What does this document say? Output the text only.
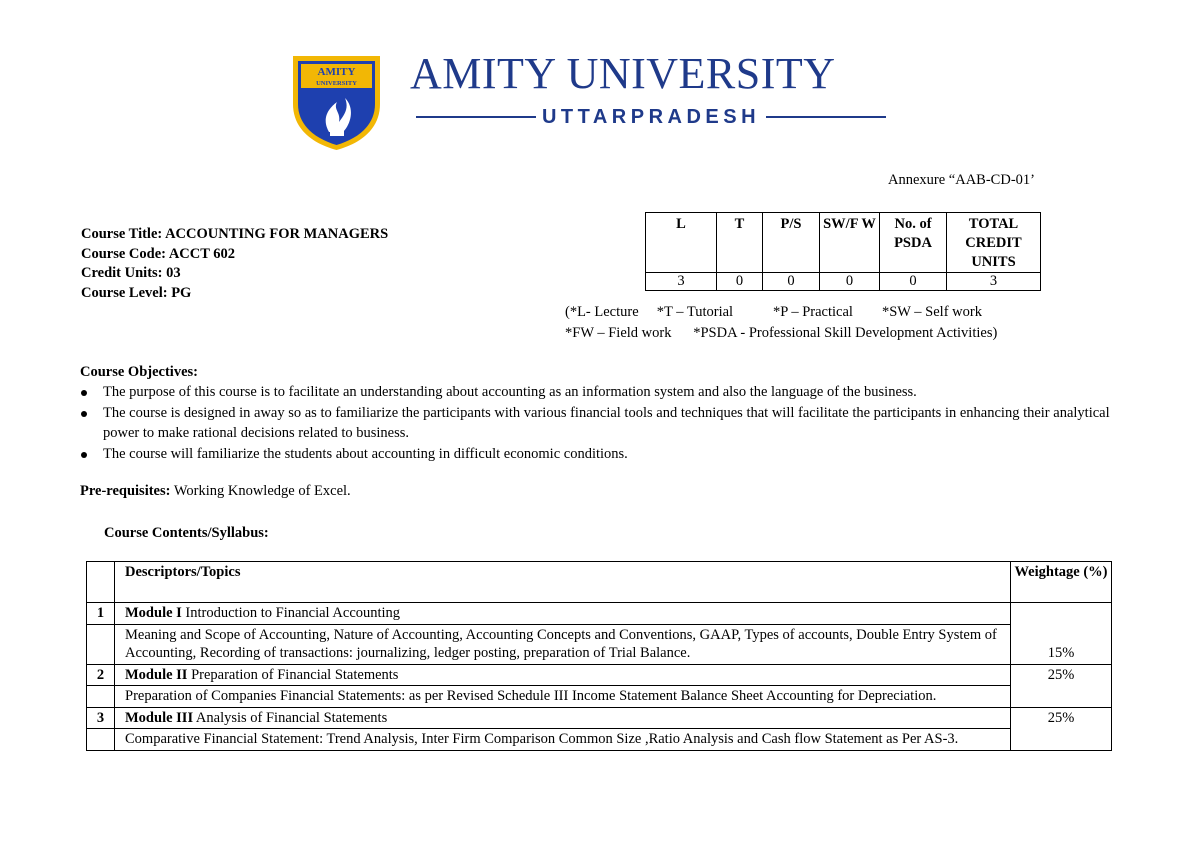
AMITY
UNIVERSITY AMITY UNIVERSITY
UTTARPRADESH
Annexure “AAB-CD-01’
Course Title: ACCOUNTING FOR MANAGERS
Course Code: ACCT 602
Credit Units: 03
Course Level: PG
L	T	P/S	SW/F W	No. of PSDA	TOTAL CREDIT UNITS
3	0	0	0	0	3
(*L- Lecture     *T – Tutorial           *P – Practical        *SW – Self work
*FW – Field work      *PSDA - Professional Skill Development Activities)
Course Objectives:
The purpose of this course is to facilitate an understanding about accounting as an information system and also the language of the business.
The course is designed in away so as to familiarize the participants with various financial tools and techniques that will facilitate the participants in enhancing their analytical power to make rational decisions related to business.
The course will familiarize the students about accounting in difficult economic conditions.
Pre-requisites: Working Knowledge of Excel.
Course Contents/Syllabus:
	Descriptors/Topics	Weightage (%)
1	Module I Introduction to Financial Accounting	15%
	Meaning and Scope of Accounting, Nature of Accounting, Accounting Concepts and Conventions, GAAP, Types of accounts, Double Entry System of Accounting, Recording of transactions: journalizing, ledger posting, preparation of Trial Balance.	
2	Module II Preparation of Financial Statements	25%
	Preparation of Companies Financial Statements: as per Revised Schedule III Income Statement Balance Sheet Accounting for Depreciation.	
3	Module III Analysis of Financial Statements	25%
	Comparative Financial Statement: Trend Analysis, Inter Firm Comparison Common Size ,Ratio Analysis and Cash flow Statement as Per AS-3.	
